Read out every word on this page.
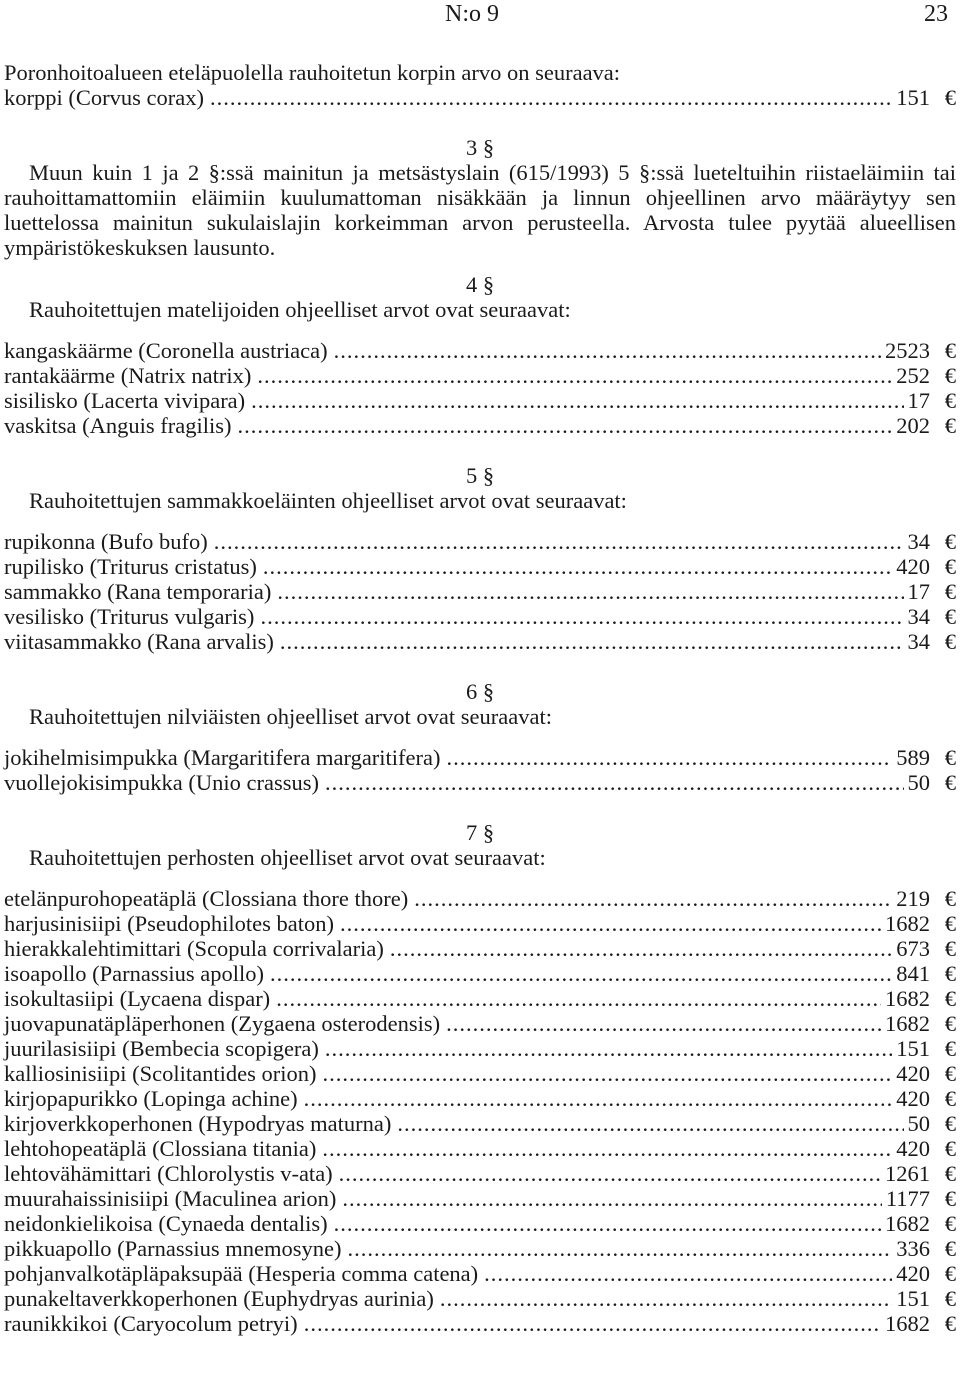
N:o 9	23

Poronhoitoalueen eteläpuolella rauhoitetun korpin arvo on seuraava:

korppi (Corvus corax) .....	151 €
3 §

Muun kuin 1 ja 2 §:ssä mainitun ja metsästyslain (615/1993) 5 §:ssä lueteltuihin riistaeläimiin tai rauhoittamattomiin eläimiin kuulumattoman nisäkkään ja linnun ohjeellinen arvo määräytyy sen luettelossa mainitun sukulaislajin korkeimman arvon perusteella. Arvosta tulee pyytää alueellisen ympäristökeskuksen lausunto.

4 §

Rauhoitettujen matelijoiden ohjeelliset arvot ovat seuraavat:

kangaskäärme (Coronella austriaca) .....	2523 €
rantakäärme (Natrix natrix) .....	252 €
sisilisko (Lacerta vivipara) .....	17 €
vaskitsa (Anguis fragilis) .....	202 €
5 §

Rauhoitettujen sammakkoeläinten ohjeelliset arvot ovat seuraavat:

rupikonna (Bufo bufo) .....	34 €
rupilisko (Triturus cristatus) .....	420 €
sammakko (Rana temporaria) .....	17 €
vesilisko (Triturus vulgaris) .....	34 €
viitasammakko (Rana arvalis) .....	34 €
6 §

Rauhoitettujen nilviäisten ohjeelliset arvot ovat seuraavat:

jokihelmisimpukka (Margaritifera margaritifera) .....	589 €
vuollejokisimpukka (Unio crassus) .....	50 €
7 §

Rauhoitettujen perhosten ohjeelliset arvot ovat seuraavat:

etelänpurohopeatäplä (Clossiana thore thore) .....	219 €
harjusinisiipi (Pseudophilotes baton) .....	1682 €
hierakkalehtimittari (Scopula corrivalaria) .....	673 €
isoapollo (Parnassius apollo) .....	841 €
isokultasiipi (Lycaena dispar) .....	1682 €
juovapunatäpläperhonen (Zygaena osterodensis) .....	1682 €
juurilasisiipi (Bembecia scopigera) .....	151 €
kalliosinisiipi (Scolitantides orion) .....	420 €
kirjopapurikko (Lopinga achine) .....	420 €
kirjoverkkoperhonen (Hypodryas maturna) .....	50 €
lehtohopeatäplä (Clossiana titania) .....	420 €
lehtovähämittari (Chlorolystis v-ata) .....	1261 €
muurahaissinisiipi (Maculinea arion) .....	1177 €
neidonkielikoisa (Cynaeda dentalis) .....	1682 €
pikkuapollo (Parnassius mnemosyne) .....	336 €
pohjanvalkotäpläpaksupää (Hesperia comma catena) .....	420 €
punakeltaverkkoperhonen (Euphydryas aurinia) .....	151 €
raunikkikoi (Caryocolum petryi) .....	1682 €
